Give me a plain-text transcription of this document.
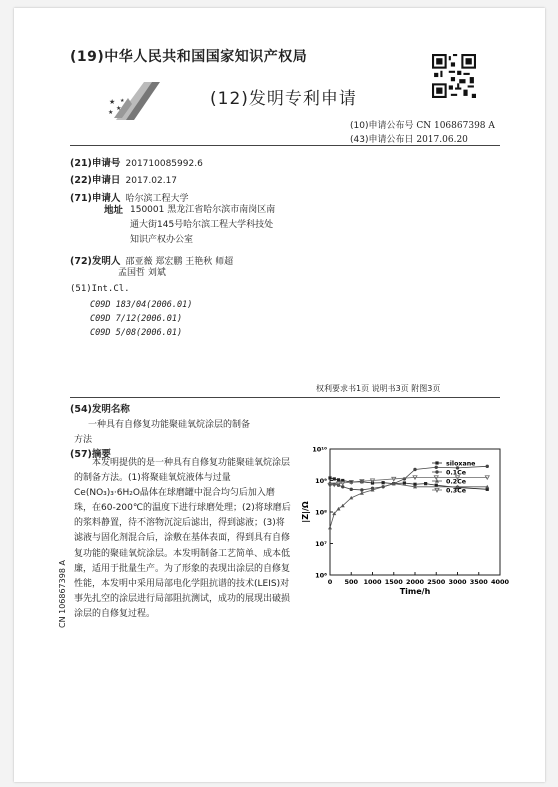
(19)中华人民共和国国家知识产权局
★
★
★
★	(12)发明专利申请
(10)申请公布号 CN 106867398 A
(43)申请公布日 2017.06.20
(21)申请号 201710085992.6
(22)申请日 2017.02.17
(71)申请人 哈尔滨工程大学
地址 150001 黑龙江省哈尔滨市南岗区南
通大街145号哈尔滨工程大学科技处
知识产权办公室
(72)发明人 邵亚薇 郑宏鹏 王艳秋 师超
孟国哲 刘斌
(51)Int.Cl.
C09D 183/04(2006.01)
C09D 7/12(2006.01)
C09D 5/08(2006.01)
权利要求书1页 说明书3页 附图3页
(54)发明名称
一种具有自修复功能聚硅氧烷涂层的制备
方法
(57)摘要

本发明提供的是一种具有自修复功能聚硅氧烷涂层的制备方法。(1)将聚硅氧烷液体与过量Ce(NO₃)₃·6H₂O晶体在球磨罐中混合均匀后加入磨珠，在60-200℃的温度下进行球磨处理；(2)将球磨后的浆料静置，待不溶物沉淀后滤出，得到滤液；(3)将滤液与固化剂混合后，涂敷在基体表面，得到具有自修复功能的聚硅氧烷涂层。本发明制备工艺简单、成本低廉，适用于批量生产。为了形象的表现出涂层的自修复性能，本发明中采用局部电化学阻抗谱的技术(LEIS)对事先扎空的涂层进行局部阻抗测试，成功的展现出破损涂层的自修复过程。

0 500 1000 1500 2000 2500 3000 3500 4000
10⁶
10⁷
10⁸
10⁹
10¹⁰
Time/h
|Z|/Ω
siloxane
0.1Ce
0.2Ce
0.3Ce
CN 106867398 A
